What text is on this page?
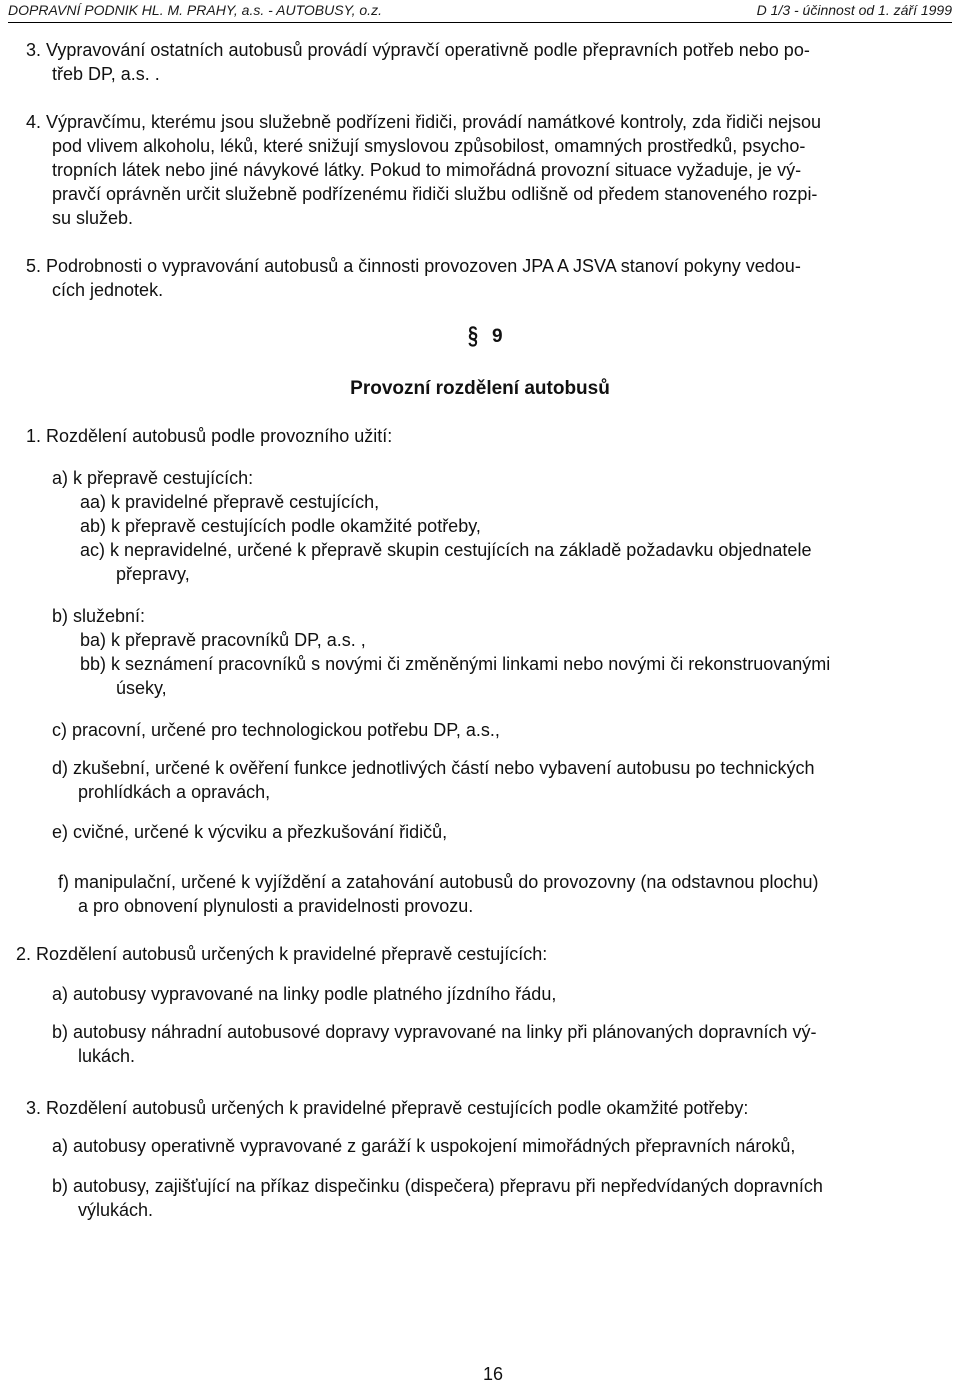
DOPRAVNÍ PODNIK HL. M. PRAHY, a.s. - AUTOBUSY, o.z.	D 1/3 - účinnost od 1. září 1999
3. Vypravování ostatních autobusů provádí výpravčí operativně podle přepravních potřeb nebo po-
třeb DP, a.s. .
4. Výpravčímu, kterému jsou služebně podřízeni řidiči, provádí namátkové kontroly, zda řidiči nejsou
pod vlivem alkoholu, léků, které snižují smyslovou způsobilost, omamných prostředků, psycho-
tropních látek nebo jiné návykové látky. Pokud to mimořádná provozní situace vyžaduje, je vý-
pravčí oprávněn určit služebně podřízenému řidiči službu odlišně od předem stanoveného rozpi-
su služeb.
5. Podrobnosti o vypravování autobusů a činnosti provozoven JPA A JSVA stanoví pokyny vedou-
cích jednotek.
§ 9
Provozní rozdělení autobusů
1. Rozdělení autobusů podle provozního užití:
a) k přepravě cestujících:
aa) k pravidelné přepravě cestujících,
ab) k přepravě cestujících podle okamžité potřeby,
ac) k nepravidelné, určené k přepravě skupin cestujících na základě požadavku objednatele
přepravy,
b) služební:
ba) k přepravě pracovníků DP, a.s. ,
bb) k seznámení pracovníků s novými či změněnými linkami nebo novými či rekonstruovanými
úseky,
c) pracovní, určené pro technologickou potřebu DP, a.s.,
d) zkušební, určené k ověření funkce jednotlivých částí nebo vybavení autobusu po technických
prohlídkách a opravách,
e) cvičné, určené k výcviku a přezkušování řidičů,
f) manipulační, určené k vyjíždění a zatahování autobusů do provozovny (na odstavnou plochu)
a pro obnovení plynulosti a pravidelnosti provozu.
2. Rozdělení autobusů určených k pravidelné přepravě cestujících:
a) autobusy vypravované na linky podle platného jízdního řádu,
b) autobusy náhradní autobusové dopravy vypravované na linky při plánovaných dopravních vý-
lukách.
3. Rozdělení autobusů určených k pravidelné přepravě cestujících podle okamžité potřeby:
a) autobusy operativně vypravované z garáží k uspokojení mimořádných přepravních nároků,
b) autobusy, zajišťující na příkaz dispečinku (dispečera) přepravu při nepředvídaných dopravních
výlukách.
16
